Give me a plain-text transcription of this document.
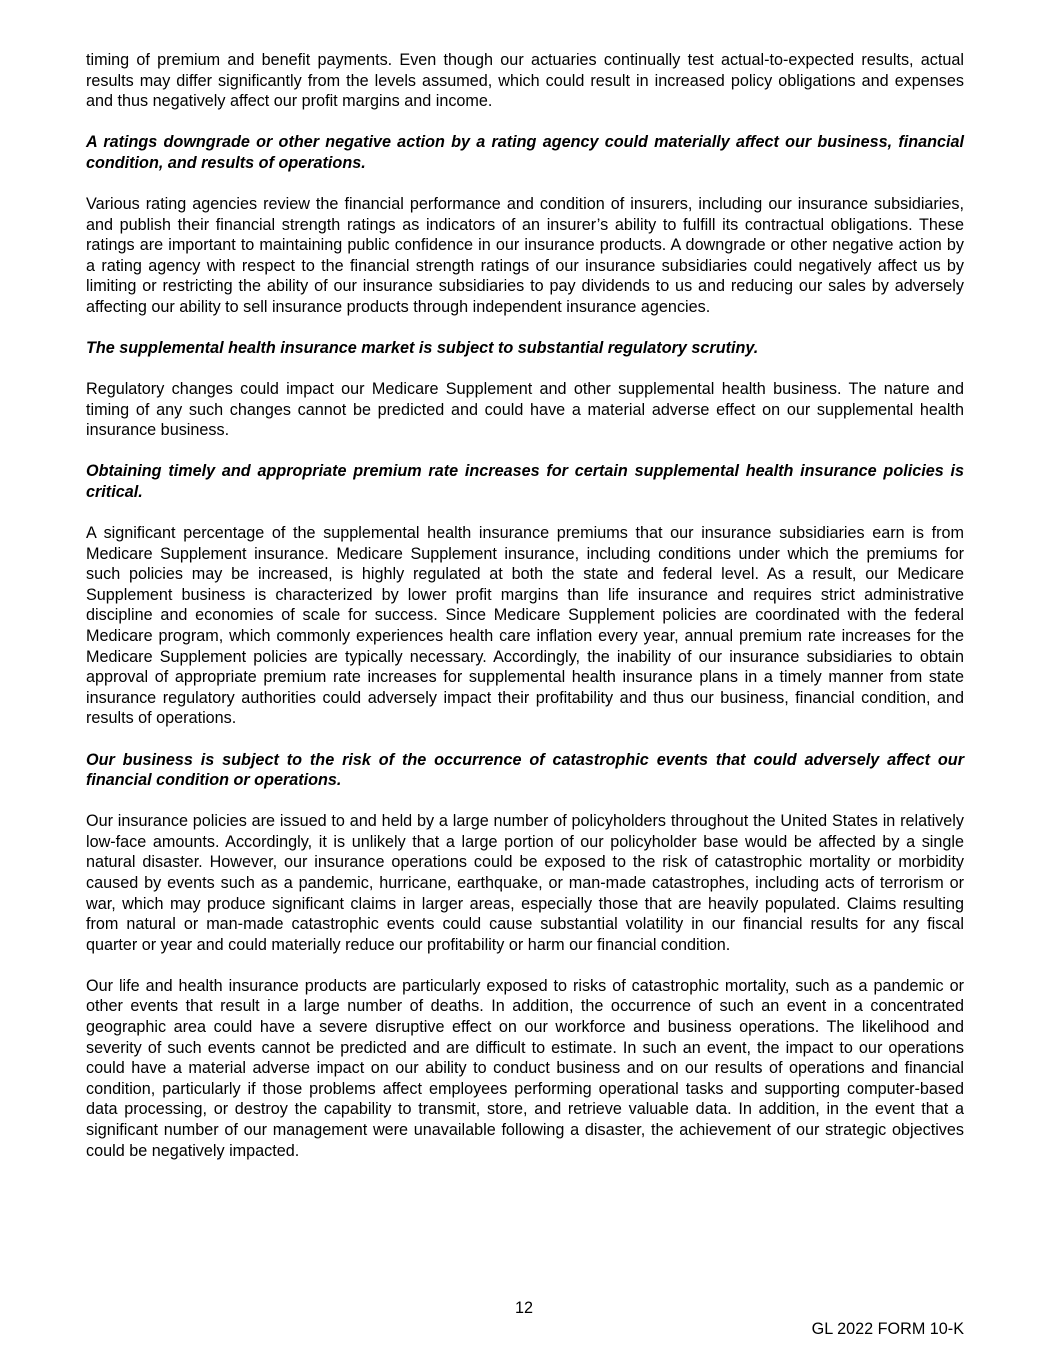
timing of premium and benefit payments. Even though our actuaries continually test actual-to-expected results, actual results may differ significantly from the levels assumed, which could result in increased policy obligations and expenses and thus negatively affect our profit margins and income.

A ratings downgrade or other negative action by a rating agency could materially affect our business, financial condition, and results of operations.

Various rating agencies review the financial performance and condition of insurers, including our insurance subsidiaries, and publish their financial strength ratings as indicators of an insurer’s ability to fulfill its contractual obligations. These ratings are important to maintaining public confidence in our insurance products. A downgrade or other negative action by a rating agency with respect to the financial strength ratings of our insurance subsidiaries could negatively affect us by limiting or restricting the ability of our insurance subsidiaries to pay dividends to us and reducing our sales by adversely affecting our ability to sell insurance products through independent insurance agencies.

The supplemental health insurance market is subject to substantial regulatory scrutiny.

Regulatory changes could impact our Medicare Supplement and other supplemental health business. The nature and timing of any such changes cannot be predicted and could have a material adverse effect on our supplemental health insurance business.

Obtaining timely and appropriate premium rate increases for certain supplemental health insurance policies is critical.

A significant percentage of the supplemental health insurance premiums that our insurance subsidiaries earn is from Medicare Supplement insurance. Medicare Supplement insurance, including conditions under which the premiums for such policies may be increased, is highly regulated at both the state and federal level. As a result, our Medicare Supplement business is characterized by lower profit margins than life insurance and requires strict administrative discipline and economies of scale for success. Since Medicare Supplement policies are coordinated with the federal Medicare program, which commonly experiences health care inflation every year, annual premium rate increases for the Medicare Supplement policies are typically necessary. Accordingly, the inability of our insurance subsidiaries to obtain approval of appropriate premium rate increases for supplemental health insurance plans in a timely manner from state insurance regulatory authorities could adversely impact their profitability and thus our business, financial condition, and results of operations.

Our business is subject to the risk of the occurrence of catastrophic events that could adversely affect our financial condition or operations.

Our insurance policies are issued to and held by a large number of policyholders throughout the United States in relatively low-face amounts. Accordingly, it is unlikely that a large portion of our policyholder base would be affected by a single natural disaster. However, our insurance operations could be exposed to the risk of catastrophic mortality or morbidity caused by events such as a pandemic, hurricane, earthquake, or man-made catastrophes, including acts of terrorism or war, which may produce significant claims in larger areas, especially those that are heavily populated. Claims resulting from natural or man-made catastrophic events could cause substantial volatility in our financial results for any fiscal quarter or year and could materially reduce our profitability or harm our financial condition.

Our life and health insurance products are particularly exposed to risks of catastrophic mortality, such as a pandemic or other events that result in a large number of deaths. In addition, the occurrence of such an event in a concentrated geographic area could have a severe disruptive effect on our workforce and business operations. The likelihood and severity of such events cannot be predicted and are difficult to estimate. In such an event, the impact to our operations could have a material adverse impact on our ability to conduct business and on our results of operations and financial condition, particularly if those problems affect employees performing operational tasks and supporting computer-based data processing, or destroy the capability to transmit, store, and retrieve valuable data. In addition, in the event that a significant number of our management were unavailable following a disaster, the achievement of our strategic objectives could be negatively impacted.

12
GL 2022 FORM 10-K
